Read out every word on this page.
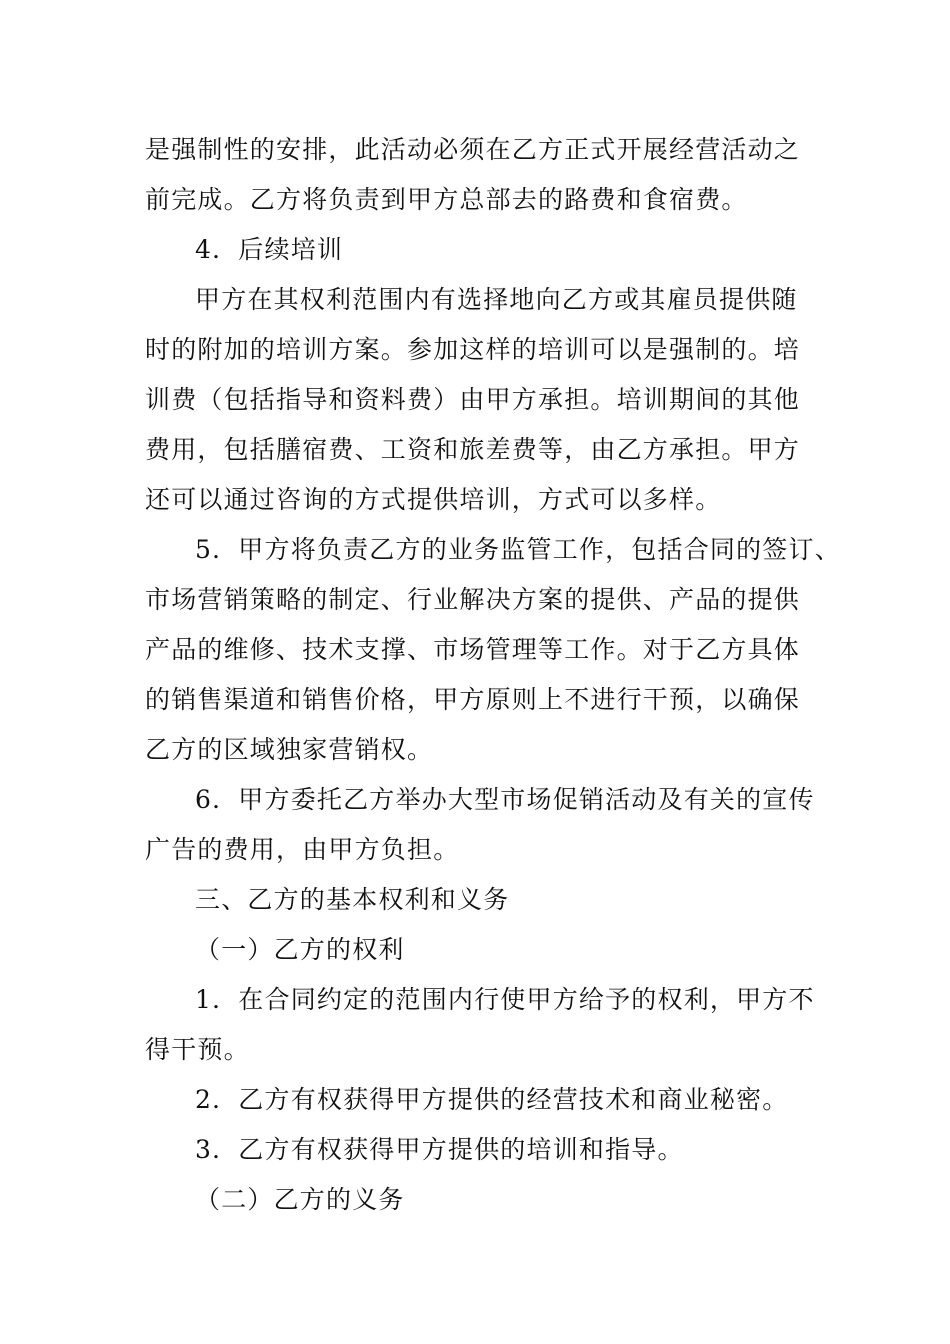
是强制性的安排，此活动必须在乙方正式开展经营活动之
前完成。乙方将负责到甲方总部去的路费和食宿费。
4．后续培训
甲方在其权利范围内有选择地向乙方或其雇员提供随
时的附加的培训方案。参加这样的培训可以是强制的。培
训费（包括指导和资料费）由甲方承担。培训期间的其他
费用，包括膳宿费、工资和旅差费等，由乙方承担。甲方
还可以通过咨询的方式提供培训，方式可以多样。
5．甲方将负责乙方的业务监管工作，包括合同的签订、
市场营销策略的制定、行业解决方案的提供、产品的提供
产品的维修、技术支撑、市场管理等工作。对于乙方具体
的销售渠道和销售价格，甲方原则上不进行干预，以确保
乙方的区域独家营销权。
6．甲方委托乙方举办大型市场促销活动及有关的宣传
广告的费用，由甲方负担。
三、乙方的基本权利和义务
（一）乙方的权利
1．在合同约定的范围内行使甲方给予的权利，甲方不
得干预。
2．乙方有权获得甲方提供的经营技术和商业秘密。
3．乙方有权获得甲方提供的培训和指导。
（二）乙方的义务
